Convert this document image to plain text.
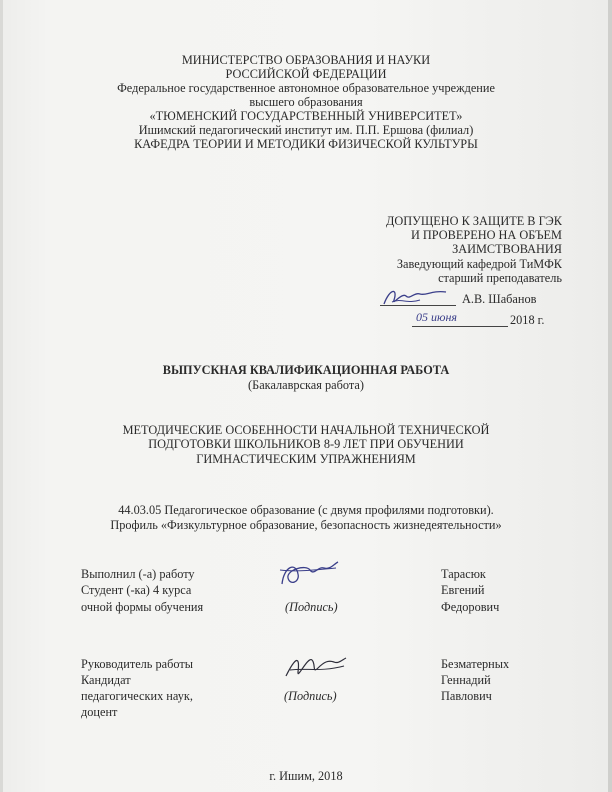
МИНИСТЕРСТВО ОБРАЗОВАНИЯ И НАУКИ
РОССИЙСКОЙ ФЕДЕРАЦИИ
Федеральное государственное автономное образовательное учреждение
высшего образования
«ТЮМЕНСКИЙ ГОСУДАРСТВЕННЫЙ УНИВЕРСИТЕТ»
Ишимский педагогический институт им. П.П. Ершова (филиал)
КАФЕДРА ТЕОРИИ И МЕТОДИКИ ФИЗИЧЕСКОЙ КУЛЬТУРЫ
ДОПУЩЕНО К ЗАЩИТЕ В ГЭК
И ПРОВЕРЕНО НА ОБЪЕМ
ЗАИМСТВОВАНИЯ
Заведующий кафедрой ТиМФК
старший преподаватель
А.В. Шабанов
05 июня	2018 г.
ВЫПУСКНАЯ КВАЛИФИКАЦИОННАЯ РАБОТА
(Бакалаврская работа)
МЕТОДИЧЕСКИЕ ОСОБЕННОСТИ НАЧАЛЬНОЙ ТЕХНИЧЕСКОЙ
ПОДГОТОВКИ ШКОЛЬНИКОВ 8-9 ЛЕТ ПРИ ОБУЧЕНИИ
ГИМНАСТИЧЕСКИМ УПРАЖНЕНИЯМ
44.03.05 Педагогическое образование (с двумя профилями подготовки).
Профиль «Физкультурное образование, безопасность жизнедеятельности»
Выполнил (-а) работу
Студент (-ка) 4 курса
очной формы обучения	(Подпись)
Тарасюк
Евгений
Федорович
Руководитель работы
Кандидат
педагогических наук,
доцент
(Подпись)
Безматерных
Геннадий
Павлович
г. Ишим, 2018
